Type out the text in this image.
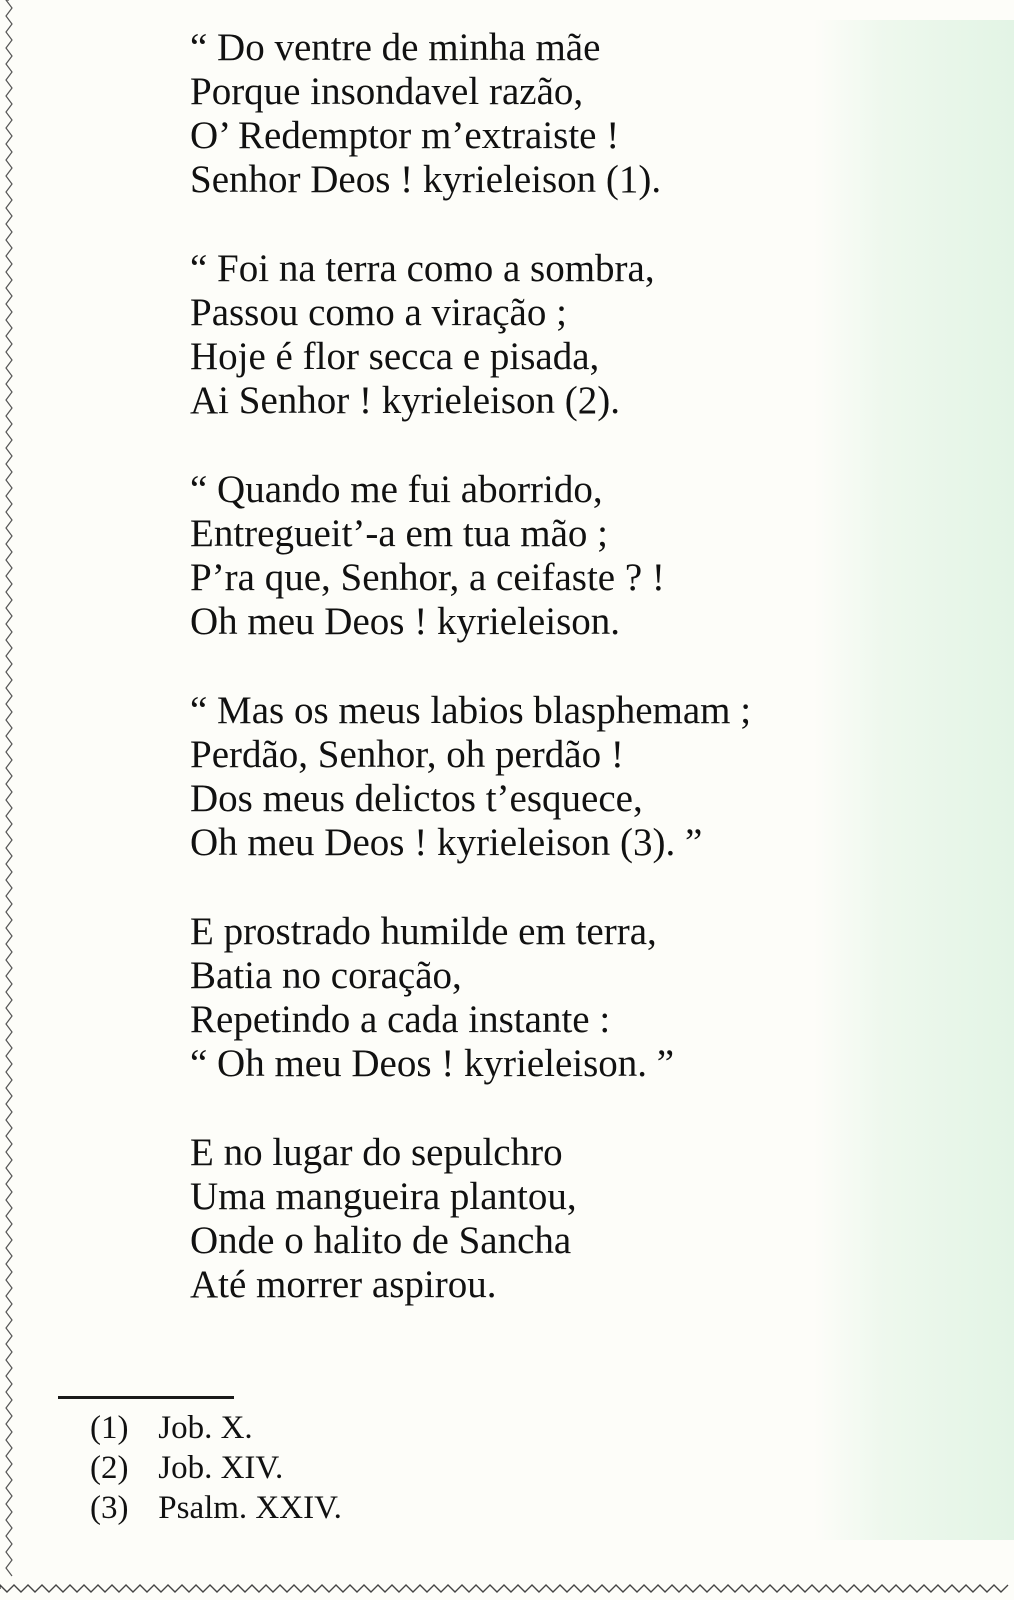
“ Do ventre de minha mãe
Porque insondavel razão,
O’ Redemptor m’extraiste !
Senhor Deos ! kyrieleison (1).
“ Foi na terra como a sombra,
Passou como a viração ;
Hoje é flor secca e pisada,
Ai Senhor ! kyrieleison (2).
“ Quando me fui aborrido,
Entregueit’-a em tua mão ;
P’ra que, Senhor, a ceifaste ? !
Oh meu Deos ! kyrieleison.
“ Mas os meus labios blasphemam ;
Perdão, Senhor, oh perdão !
Dos meus delictos t’esquece,
Oh meu Deos ! kyrieleison (3). ”
E prostrado humilde em terra,
Batia no coração,
Repetindo a cada instante :
“ Oh meu Deos ! kyrieleison. ”
E no lugar do sepulchro
Uma mangueira plantou,
Onde o halito de Sancha
Até morrer aspirou.
(1) Job. X.
(2) Job. XIV.
(3) Psalm. XXIV.
